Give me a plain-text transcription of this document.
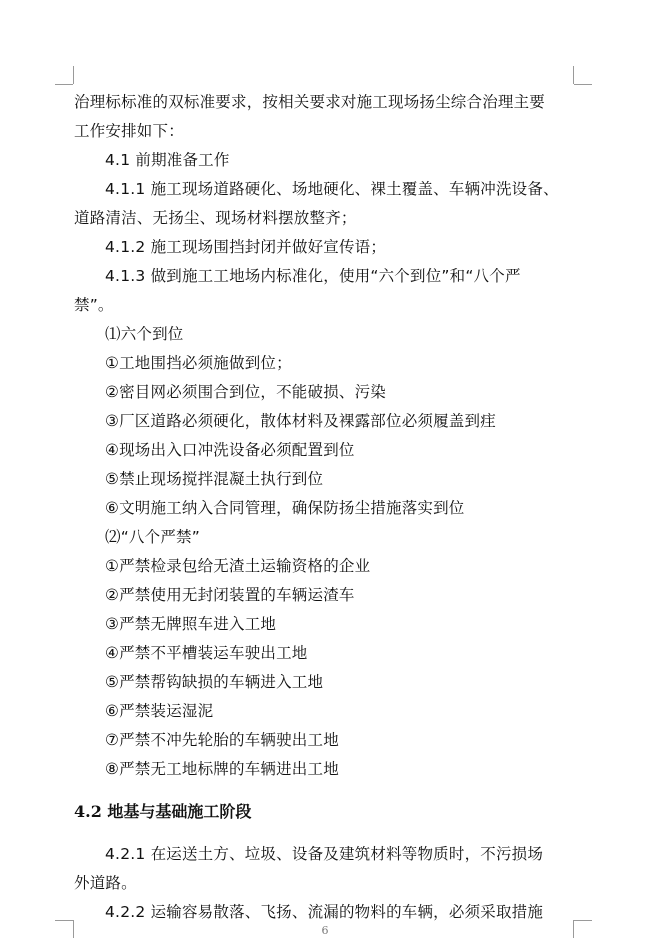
治理标标准的双标准要求，按相关要求对施工现场扬尘综合治理主要
工作安排如下：
4.1 前期准备工作
4.1.1 施工现场道路硬化、场地硬化、裸土覆盖、车辆冲洗设备、
道路清洁、无扬尘、现场材料摆放整齐；
4.1.2 施工现场围挡封闭并做好宣传语；
4.1.3 做到施工工地场内标准化，使用“六个到位”和“八个严
禁”。
⑴六个到位
①工地围挡必须施做到位；
②密目网必须围合到位，不能破损、污染
③厂区道路必须硬化，散体材料及裸露部位必须履盖到疰
④现场出入口冲洗设备必须配置到位
⑤禁止现场搅拌混凝土执行到位
⑥文明施工纳入合同管理，确保防扬尘措施落实到位
⑵“八个严禁”
①严禁检录包给无渣土运输资格的企业
②严禁使用无封闭装置的车辆运渣车
③严禁无牌照车进入工地
④严禁不平槽装运车驶出工地
⑤严禁帮钩缺损的车辆进入工地
⑥严禁装运湿泥
⑦严禁不冲先轮胎的车辆驶出工地
⑧严禁无工地标牌的车辆进出工地
4.2 地基与基础施工阶段
4.2.1 在运送土方、垃圾、设备及建筑材料等物质时，不污损场
外道路。
4.2.2 运输容易散落、飞扬、流漏的物料的车辆，必须采取措施
6
